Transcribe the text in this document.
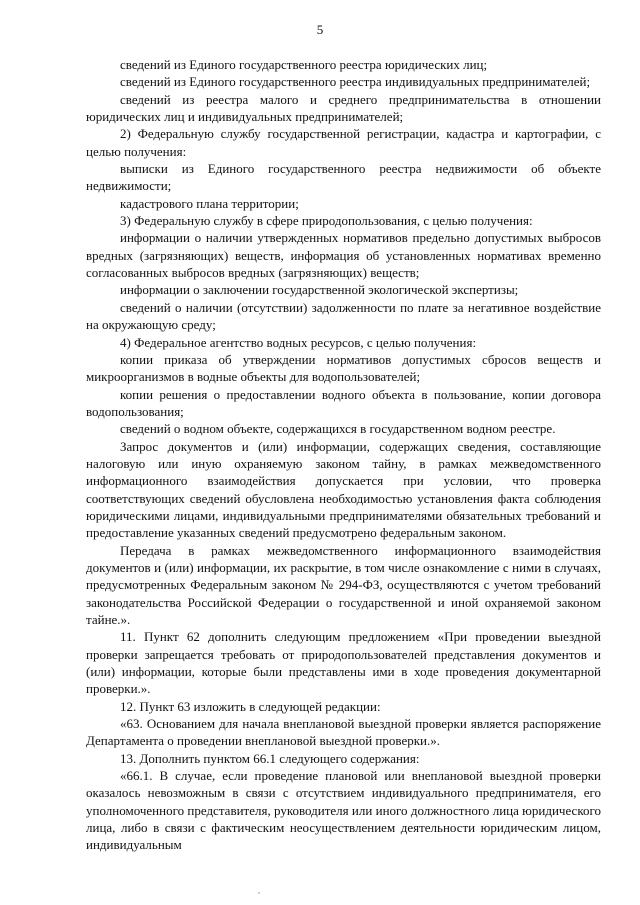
5

сведений из Единого государственного реестра юридических лиц;

сведений из Единого государственного реестра индивидуальных предпринимателей;

сведений из реестра малого и среднего предпринимательства в отношении юридических лиц и индивидуальных предпринимателей;

2) Федеральную службу государственной регистрации, кадастра и картографии, с целью получения:

выписки из Единого государственного реестра недвижимости об объекте недвижимости;

кадастрового плана территории;

3) Федеральную службу в сфере природопользования, с целью получения:

информации о наличии утвержденных нормативов предельно допустимых выбросов вредных (загрязняющих) веществ, информация об установленных нормативах временно согласованных выбросов вредных (загрязняющих) веществ;

информации о заключении государственной экологической экспертизы;

сведений о наличии (отсутствии) задолженности по плате за негативное воздействие на окружающую среду;

4) Федеральное агентство водных ресурсов, с целью получения:

копии приказа об утверждении нормативов допустимых сбросов веществ и микроорганизмов в водные объекты для водопользователей;

копии решения о предоставлении водного объекта в пользование, копии договора водопользования;

сведений о водном объекте, содержащихся в государственном водном реестре.

Запрос документов и (или) информации, содержащих сведения, составляющие налоговую или иную охраняемую законом тайну, в рамках межведомственного информационного взаимодействия допускается при условии, что проверка соответствующих сведений обусловлена необходимостью установления факта соблюдения юридическими лицами, индивидуальными предпринимателями обязательных требований и предоставление указанных сведений предусмотрено федеральным законом.

Передача в рамках межведомственного информационного взаимодействия документов и (или) информации, их раскрытие, в том числе ознакомление с ними в случаях, предусмотренных Федеральным законом № 294-ФЗ, осуществляются с учетом требований законодательства Российской Федерации о государственной и иной охраняемой законом тайне.».

11. Пункт 62 дополнить следующим предложением «При проведении выездной проверки запрещается требовать от природопользователей представления документов и (или) информации, которые были представлены ими в ходе проведения документарной проверки.».

12. Пункт 63 изложить в следующей редакции:

«63. Основанием для начала внеплановой выездной проверки является распоряжение Департамента о проведении внеплановой выездной проверки.».

13. Дополнить пунктом 66.1 следующего содержания:

«66.1. В случае, если проведение плановой или внеплановой выездной проверки оказалось невозможным в связи с отсутствием индивидуального предпринимателя, его уполномоченного представителя, руководителя или иного должностного лица юридического лица, либо в связи с фактическим неосуществлением деятельности юридическим лицом, индивидуальным
